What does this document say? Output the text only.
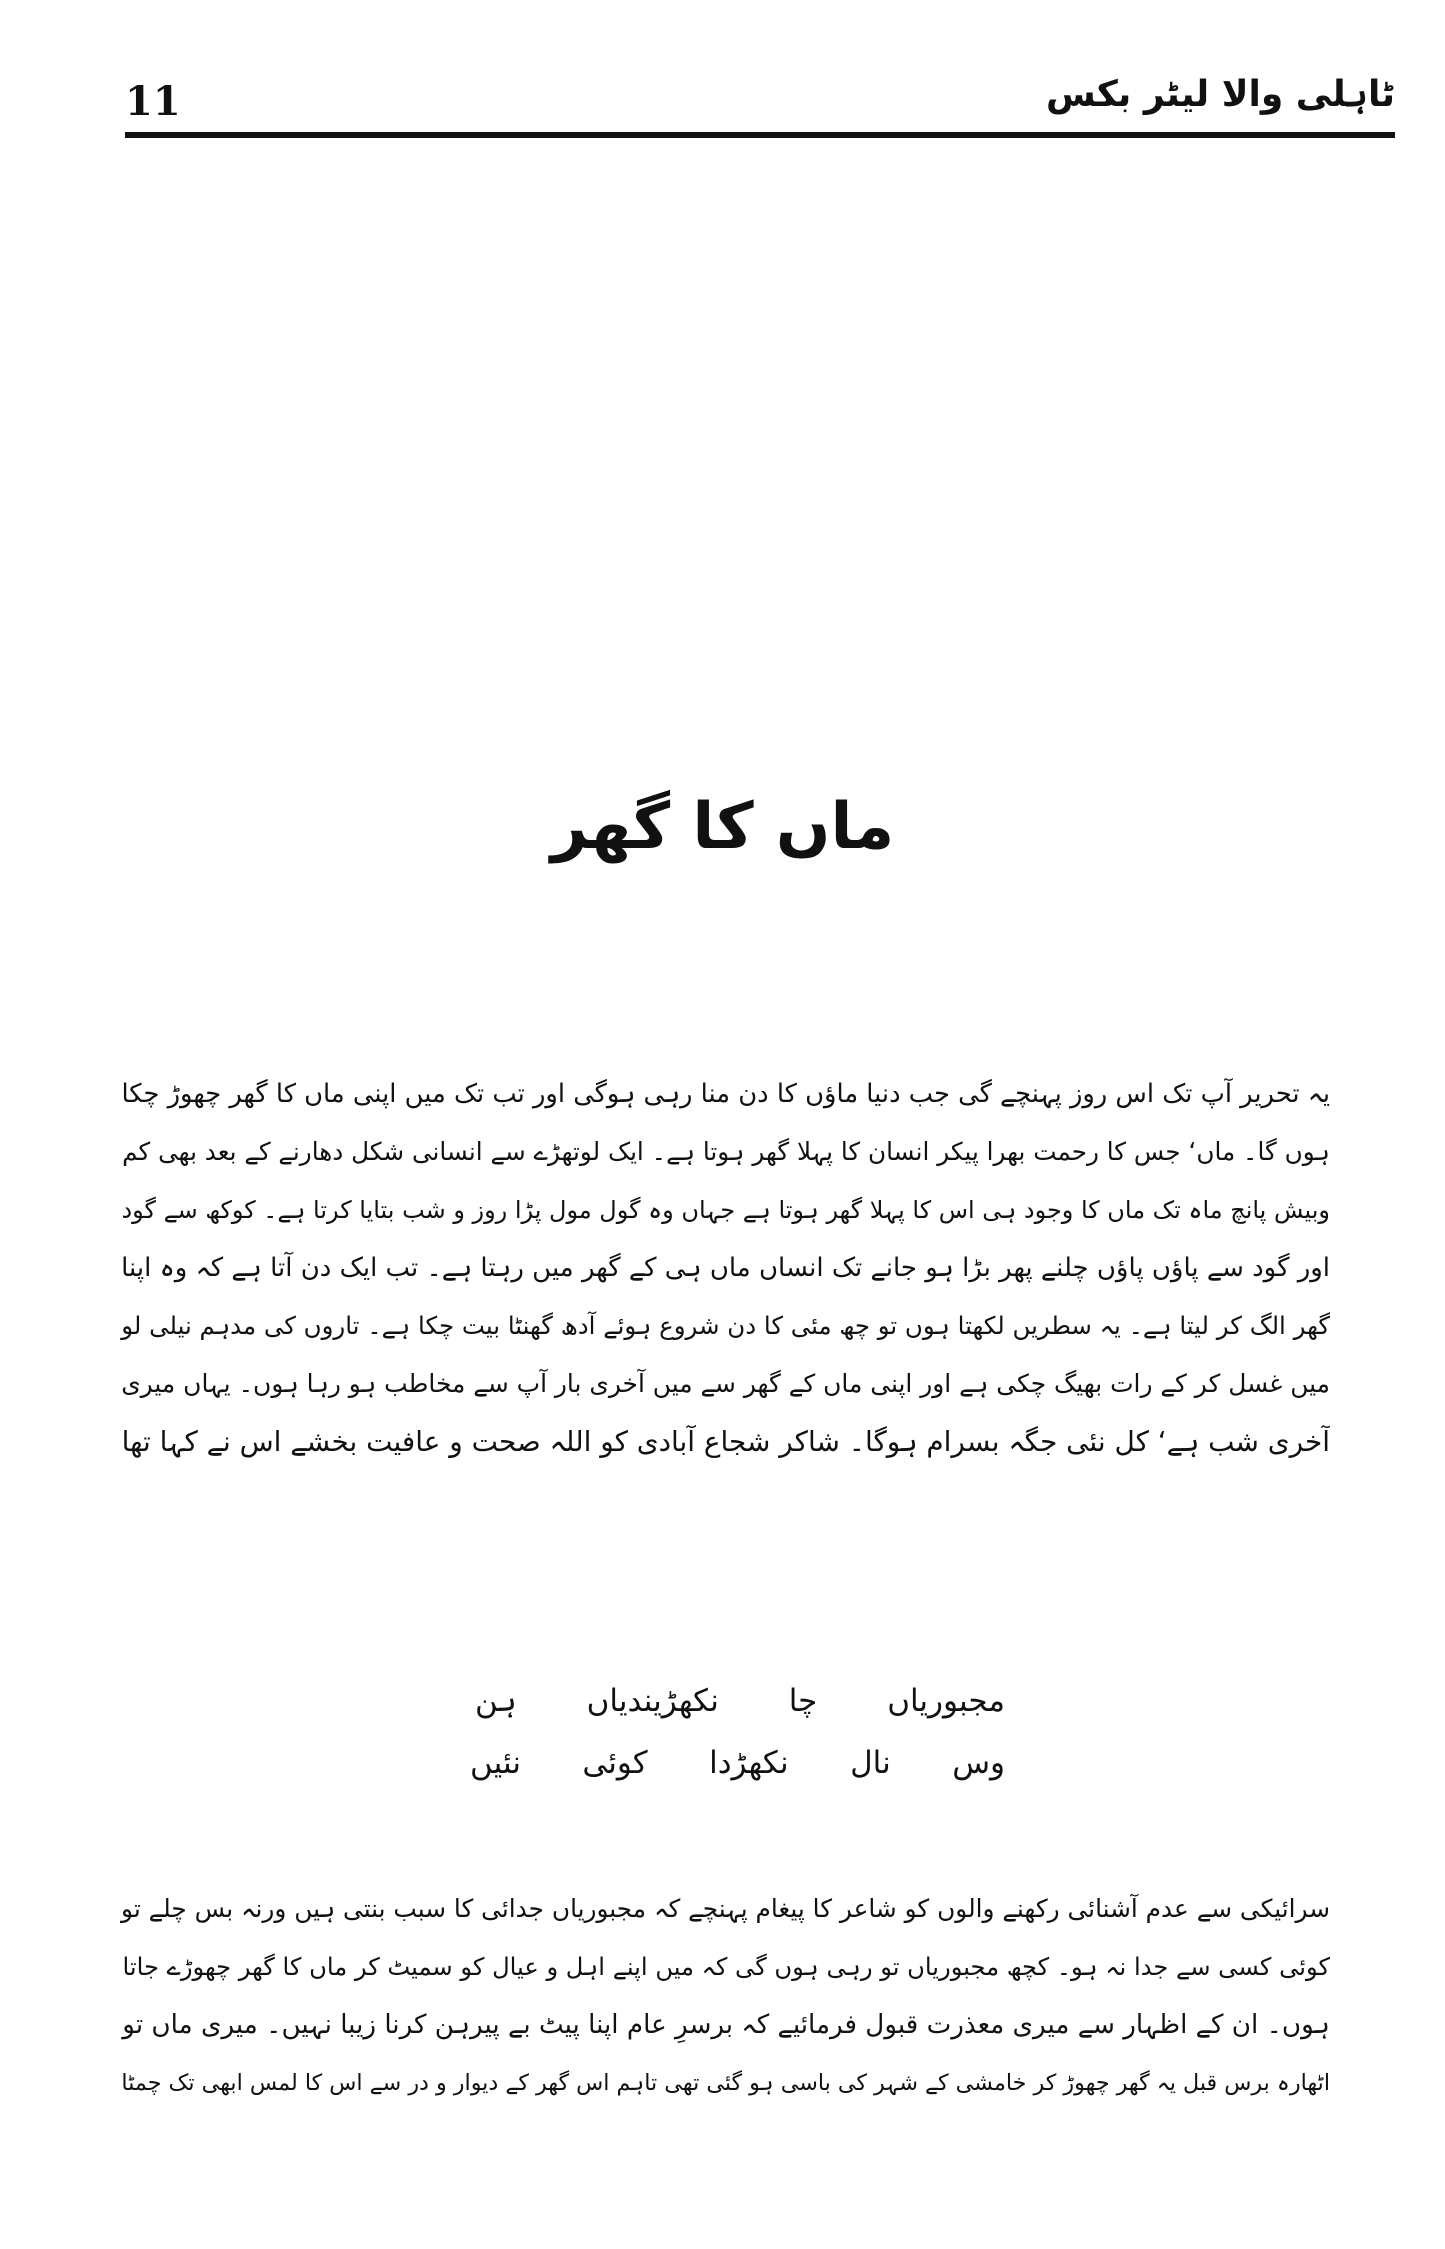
11	ٹاہلی والا لیٹر بکس
ماں کا گھر
یہ تحریر آپ تک اس روز پہنچے گی جب دنیا ماؤں کا دن منا رہی ہوگی اور تب تک میں اپنی ماں کا گھر چھوڑ چکا
ہوں گا۔ ماں‘ جس کا رحمت بھرا پیکر انسان کا پہلا گھر ہوتا ہے۔ ایک لوتھڑے سے انسانی شکل دھارنے کے بعد بھی کم
وبیش پانچ ماہ تک ماں کا وجود ہی اس کا پہلا گھر ہوتا ہے جہاں وہ گول مول پڑا روز و شب بتایا کرتا ہے۔ کوکھ سے گود
اور گود سے پاؤں پاؤں چلنے پھر بڑا ہو جانے تک انساں ماں ہی کے گھر میں رہتا ہے۔ تب ایک دن آتا ہے کہ وہ اپنا
گھر الگ کر لیتا ہے۔ یہ سطریں لکھتا ہوں تو چھ مئی کا دن شروع ہوئے آدھ گھنٹا بیت چکا ہے۔ تاروں کی مدہم نیلی لو
میں غسل کر کے رات بھیگ چکی ہے اور اپنی ماں کے گھر سے میں آخری بار آپ سے مخاطب ہو رہا ہوں۔ یہاں میری
آخری شب ہے‘ کل نئی جگہ بسرام ہوگا۔ شاکر شجاع آبادی کو اللہ صحت و عافیت بخشے اس نے کہا تھا
مجبوریاں
چا
نکھڑیندیاں
ہن
وس
نال
نکھڑدا
کوئی
نئیں
سرائیکی سے عدم آشنائی رکھنے والوں کو شاعر کا پیغام پہنچے کہ مجبوریاں جدائی کا سبب بنتی ہیں ورنہ بس چلے تو
کوئی کسی سے جدا نہ ہو۔ کچھ مجبوریاں تو رہی ہوں گی کہ میں اپنے اہل و عیال کو سمیٹ کر ماں کا گھر چھوڑے جاتا
ہوں۔ ان کے اظہار سے میری معذرت قبول فرمائیے کہ برسرِ عام اپنا پیٹ بے پیرہن کرنا زیبا نہیں۔ میری ماں تو
اٹھارہ برس قبل یہ گھر چھوڑ کر خامشی کے شہر کی باسی ہو گئی تھی تاہم اس گھر کے دیوار و در سے اس کا لمس ابھی تک چمٹا
